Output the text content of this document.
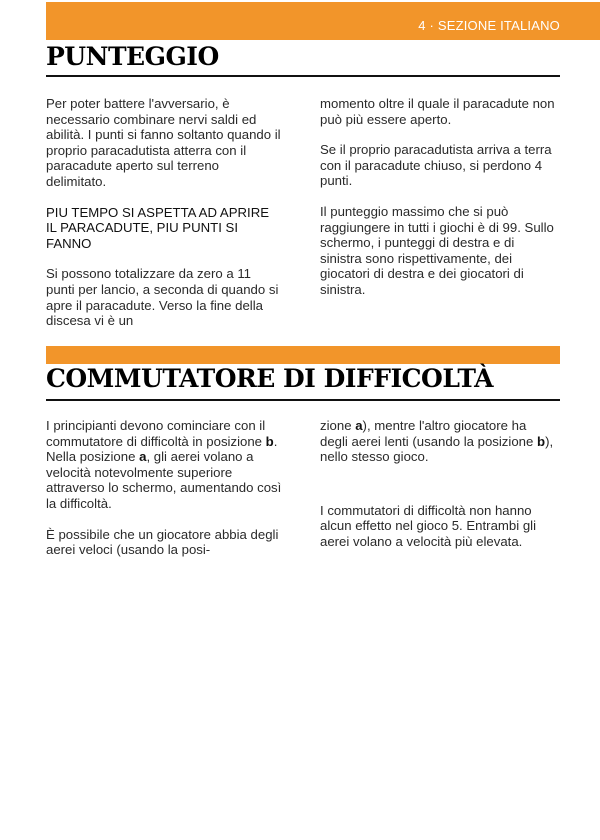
4 · SEZIONE ITALIANO
PUNTEGGIO

Per poter battere l'avversario, è necessario combinare nervi saldi ed abilità. I punti si fanno soltanto quando il proprio paracadutista atterra con il paracadute aperto sul terreno delimitato.

PIU TEMPO SI ASPETTA AD APRIRE IL PARACADUTE, PIU PUNTI SI FANNO

Si possono totalizzare da zero a 11 punti per lancio, a seconda di quando si apre il paracadute. Verso la fine della discesa vi è un

momento oltre il quale il paracadute non può più essere aperto.

Se il proprio paracadutista arriva a terra con il paracadute chiuso, si perdono 4 punti.

Il punteggio massimo che si può raggiungere in tutti i giochi è di 99. Sullo schermo, i punteggi di destra e di sinistra sono rispettivamente, dei giocatori di destra e dei giocatori di sinistra.

COMMUTATORE DI DIFFICOLTÀ

I principianti devono cominciare con il commutatore di difficoltà in posizione b. Nella posizione a, gli aerei volano a velocità notevolmente superiore attraverso lo schermo, aumentando così la difficoltà.

È possibile che un giocatore abbia degli aerei veloci (usando la posi-

zione a), mentre l'altro giocatore ha degli aerei lenti (usando la posizione b), nello stesso gioco.

I commutatori di difficoltà non hanno alcun effetto nel gioco 5. Entrambi gli aerei volano a velocità più elevata.
